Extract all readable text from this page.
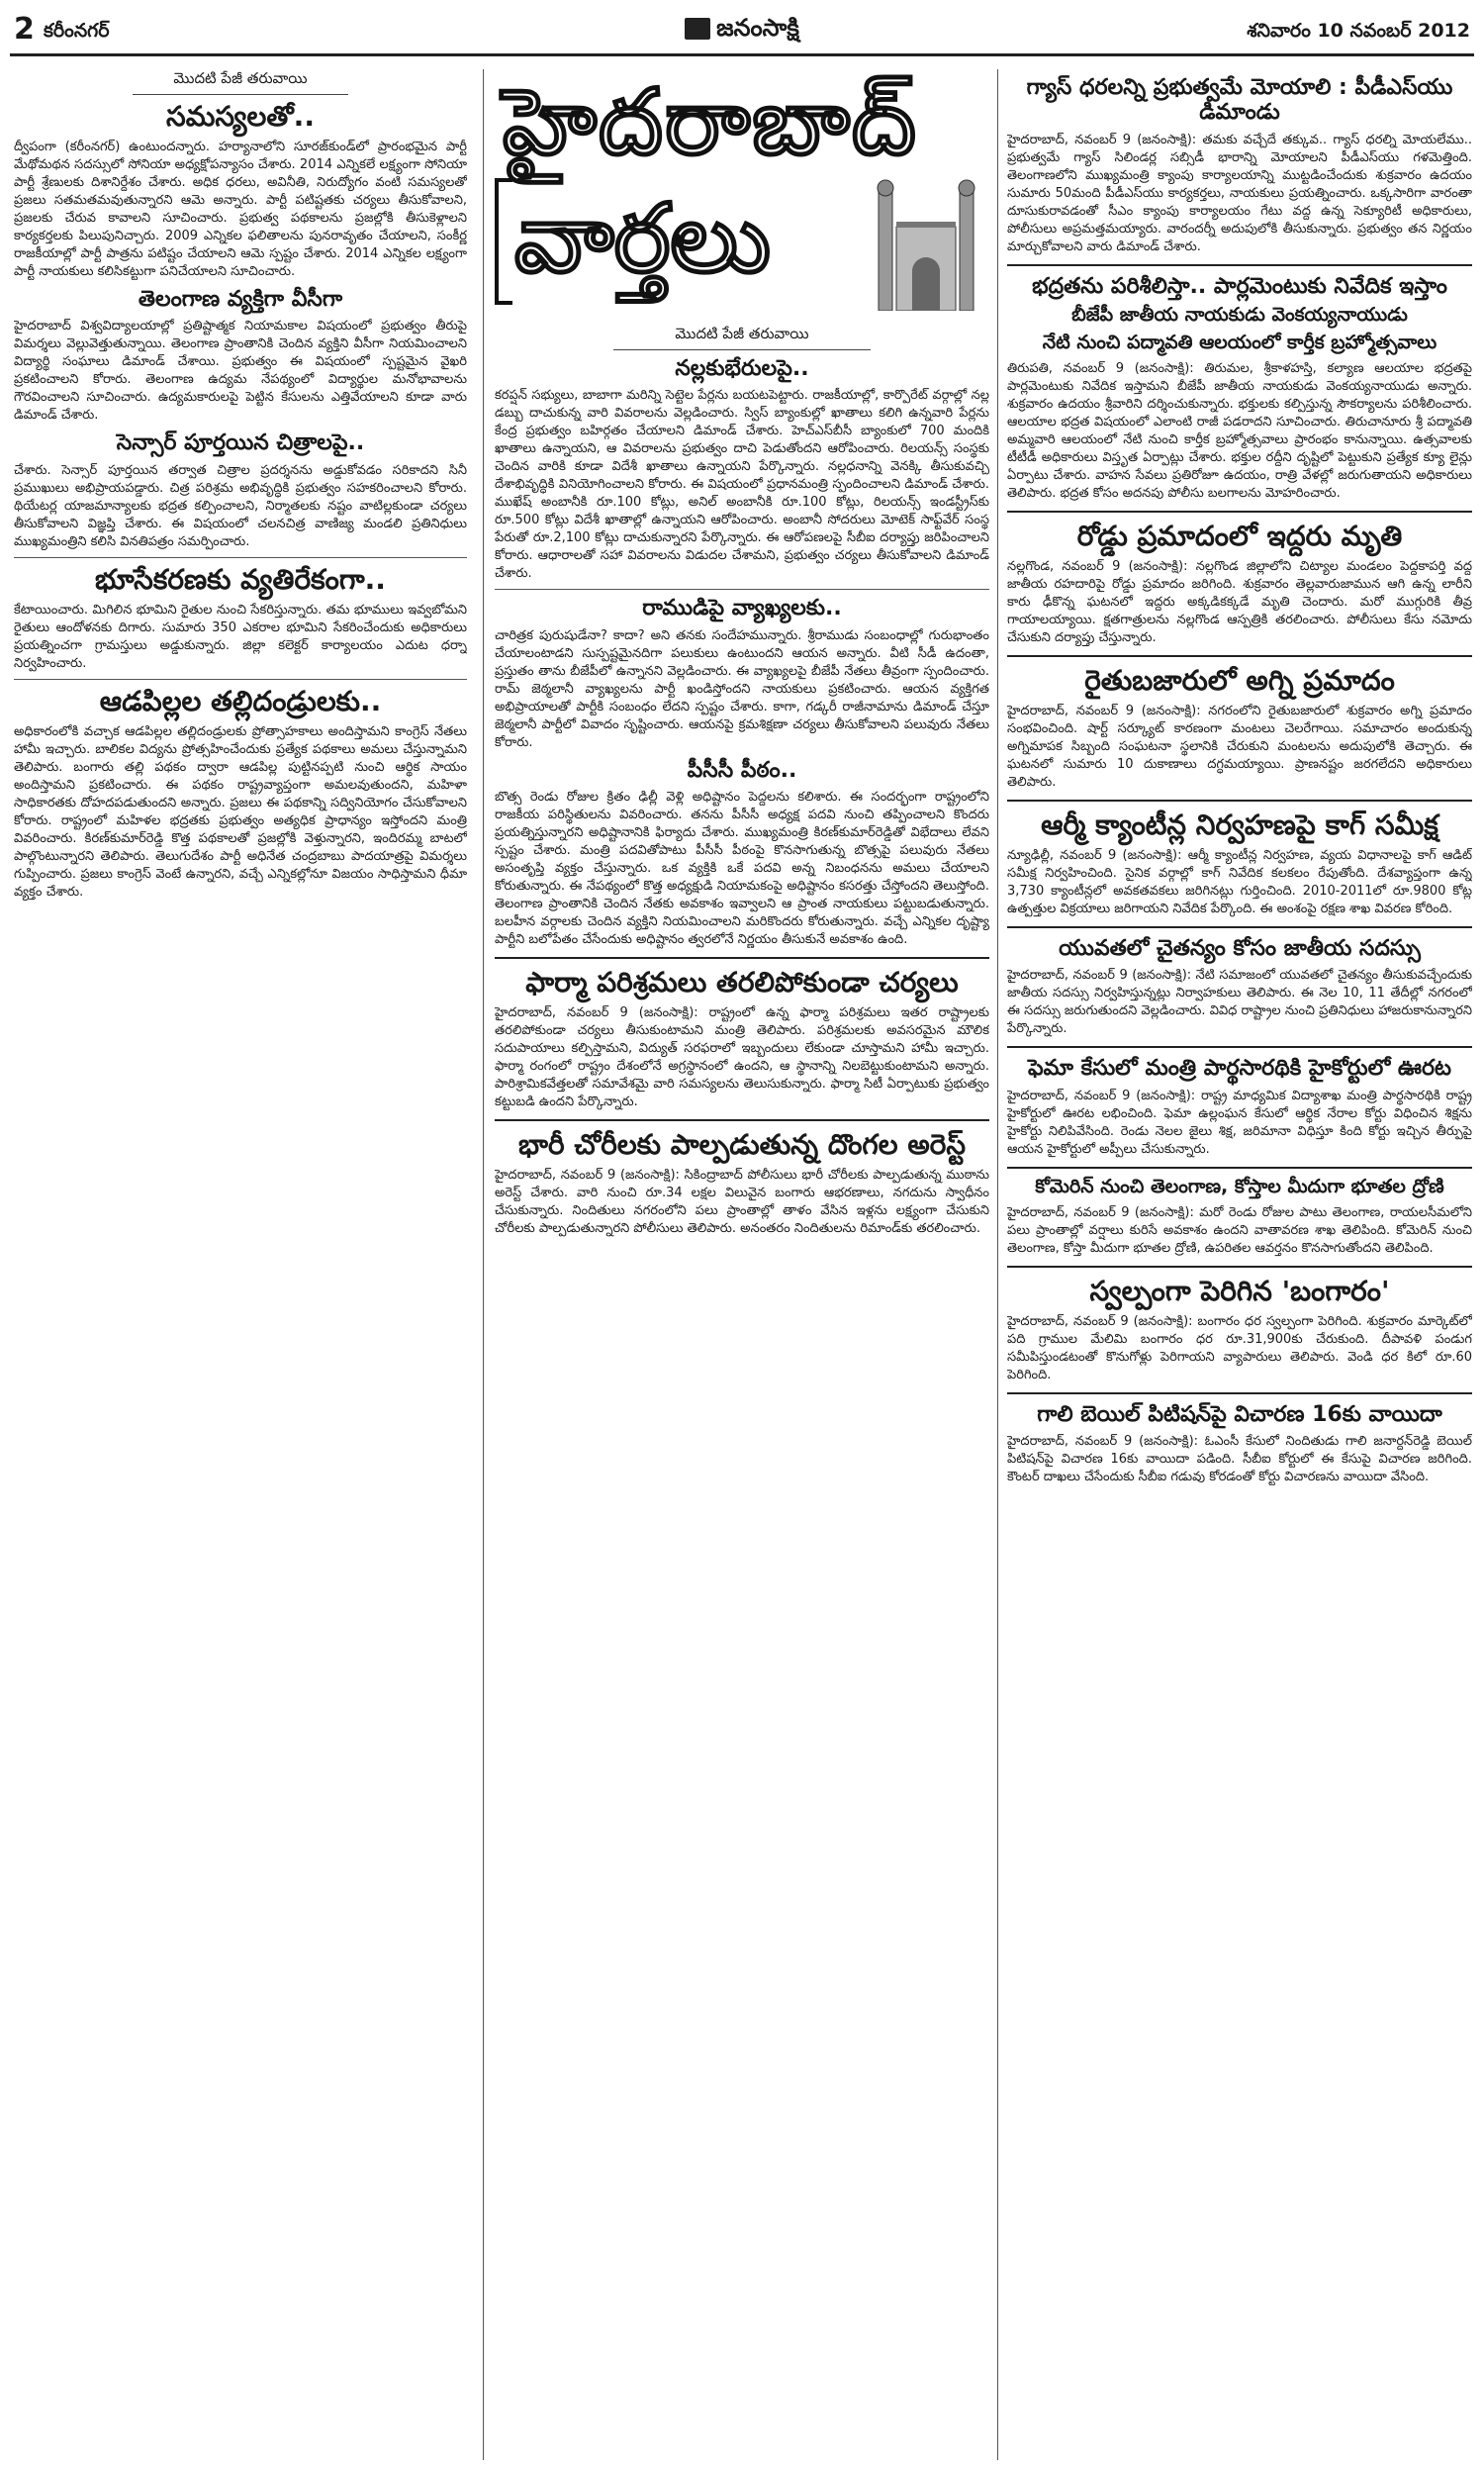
2 కరీంనగర్	జనంసాక్షి	శనివారం 10 నవంబర్ 2012
మొదటి పేజీ తరువాయి
సమస్యలతో..
ద్వీపంగా (కరీంనగర్) ఉంటుందన్నారు. హర్యానాలోని సూరజ్‌కుండ్‌లో ప్రారంభమైన పార్టీ మేథోమథన సదస్సులో సోనియా అధ్యక్షోపన్యాసం చేశారు. 2014 ఎన్నికలే లక్ష్యంగా సోనియా పార్టీ శ్రేణులకు దిశానిర్దేశం చేశారు. అధిక ధరలు, అవినీతి, నిరుద్యోగం వంటి సమస్యలతో ప్రజలు సతమతమవుతున్నారని ఆమె అన్నారు. పార్టీ పటిష్టతకు చర్యలు తీసుకోవాలని, ప్రజలకు చేరువ కావాలని సూచించారు. ప్రభుత్వ పథకాలను ప్రజల్లోకి తీసుకెళ్లాలని కార్యకర్తలకు పిలుపునిచ్చారు. 2009 ఎన్నికల ఫలితాలను పునరావృతం చేయాలని, సంకీర్ణ రాజకీయాల్లో పార్టీ పాత్రను పటిష్టం చేయాలని ఆమె స్పష్టం చేశారు. 2014 ఎన్నికల లక్ష్యంగా పార్టీ నాయకులు కలిసికట్టుగా పనిచేయాలని సూచించారు.
తెలంగాణ వ్యక్తిగా వీసీగా
హైదరాబాద్ విశ్వవిద్యాలయాల్లో ప్రతిష్టాత్మక నియామకాల విషయంలో ప్రభుత్వం తీరుపై విమర్శలు వెల్లువెత్తుతున్నాయి. తెలంగాణ ప్రాంతానికి చెందిన వ్యక్తిని వీసీగా నియమించాలని విద్యార్థి సంఘాలు డిమాండ్ చేశాయి. ప్రభుత్వం ఈ విషయంలో స్పష్టమైన వైఖరి ప్రకటించాలని కోరారు. తెలంగాణ ఉద్యమ నేపథ్యంలో విద్యార్థుల మనోభావాలను గౌరవించాలని సూచించారు. ఉద్యమకారులపై పెట్టిన కేసులను ఎత్తివేయాలని కూడా వారు డిమాండ్ చేశారు.
సెన్సార్ పూర్తయిన చిత్రాలపై..
చేశారు. సెన్సార్ పూర్తయిన తర్వాత చిత్రాల ప్రదర్శనను అడ్డుకోవడం సరికాదని సినీ ప్రముఖులు అభిప్రాయపడ్డారు. చిత్ర పరిశ్రమ అభివృద్ధికి ప్రభుత్వం సహకరించాలని కోరారు. థియేటర్ల యాజమాన్యాలకు భద్రత కల్పించాలని, నిర్మాతలకు నష్టం వాటిల్లకుండా చర్యలు తీసుకోవాలని విజ్ఞప్తి చేశారు. ఈ విషయంలో చలనచిత్ర వాణిజ్య మండలి ప్రతినిధులు ముఖ్యమంత్రిని కలిసి వినతిపత్రం సమర్పించారు.
భూసేకరణకు వ్యతిరేకంగా..
కేటాయించారు. మిగిలిన భూమిని రైతుల నుంచి సేకరిస్తున్నారు. తమ భూములు ఇవ్వబోమని రైతులు ఆందోళనకు దిగారు. సుమారు 350 ఎకరాల భూమిని సేకరించేందుకు అధికారులు ప్రయత్నించగా గ్రామస్తులు అడ్డుకున్నారు. జిల్లా కలెక్టర్ కార్యాలయం ఎదుట ధర్నా నిర్వహించారు.
ఆడపిల్లల తల్లిదండ్రులకు..
అధికారంలోకి వచ్చాక ఆడపిల్లల తల్లిదండ్రులకు ప్రోత్సాహకాలు అందిస్తామని కాంగ్రెస్ నేతలు హామీ ఇచ్చారు. బాలికల విద్యను ప్రోత్సహించేందుకు ప్రత్యేక పథకాలు అమలు చేస్తున్నామని తెలిపారు. బంగారు తల్లి పథకం ద్వారా ఆడపిల్ల పుట్టినప్పటి నుంచి ఆర్థిక సాయం అందిస్తామని ప్రకటించారు. ఈ పథకం రాష్ట్రవ్యాప్తంగా అమలవుతుందని, మహిళా సాధికారతకు దోహదపడుతుందని అన్నారు. ప్రజలు ఈ పథకాన్ని సద్వినియోగం చేసుకోవాలని కోరారు. రాష్ట్రంలో మహిళల భద్రతకు ప్రభుత్వం అత్యధిక ప్రాధాన్యం ఇస్తోందని మంత్రి వివరించారు. కిరణ్‌కుమార్‌రెడ్డి కొత్త పథకాలతో ప్రజల్లోకి వెళ్తున్నారని, ఇందిరమ్మ బాటలో పాల్గొంటున్నారని తెలిపారు. తెలుగుదేశం పార్టీ అధినేత చంద్రబాబు పాదయాత్రపై విమర్శలు గుప్పించారు. ప్రజలు కాంగ్రెస్ వెంటే ఉన్నారని, వచ్చే ఎన్నికల్లోనూ విజయం సాధిస్తామని ధీమా వ్యక్తం చేశారు.
హైదరాబాద్
వార్తలు
మొదటి పేజీ తరువాయి
నల్లకుభేరులపై..
కరప్షన్ సభ్యులు, బాబాగా మరిన్ని సెట్టెల పేర్లను బయటపెట్టారు. రాజకీయాల్లో, కార్పొరేట్ వర్గాల్లో నల్ల డబ్బు దాచుకున్న వారి వివరాలను వెల్లడించారు. స్విస్ బ్యాంకుల్లో ఖాతాలు కలిగి ఉన్నవారి పేర్లను కేంద్ర ప్రభుత్వం బహిర్గతం చేయాలని డిమాండ్ చేశారు. హెచ్‌ఎస్‌బీసీ బ్యాంకులో 700 మందికి ఖాతాలు ఉన్నాయని, ఆ వివరాలను ప్రభుత్వం దాచి పెడుతోందని ఆరోపించారు. రిలయన్స్ సంస్థకు చెందిన వారికి కూడా విదేశీ ఖాతాలు ఉన్నాయని పేర్కొన్నారు. నల్లధనాన్ని వెనక్కి తీసుకువచ్చి దేశాభివృద్ధికి వినియోగించాలని కోరారు. ఈ విషయంలో ప్రధానమంత్రి స్పందించాలని డిమాండ్ చేశారు. ముఖేష్ అంబానీకి రూ.100 కోట్లు, అనిల్ అంబానీకి రూ.100 కోట్లు, రిలయన్స్ ఇండస్ట్రీస్‌కు రూ.500 కోట్లు విదేశీ ఖాతాల్లో ఉన్నాయని ఆరోపించారు. అంబానీ సోదరులు మోటెక్ సాఫ్ట్‌వేర్ సంస్థ పేరుతో రూ.2,100 కోట్లు దాచుకున్నారని పేర్కొన్నారు. ఈ ఆరోపణలపై సీబీఐ దర్యాప్తు జరిపించాలని కోరారు. ఆధారాలతో సహా వివరాలను విడుదల చేశామని, ప్రభుత్వం చర్యలు తీసుకోవాలని డిమాండ్ చేశారు.
రాముడిపై వ్యాఖ్యలకు..
చారిత్రక పురుషుడేనా? కాదా? అని తనకు సందేహమున్నారు. శ్రీరాముడు సంబంధాల్లో గురుభాంతం చేయాలంటాడని సుస్పష్టమైనదిగా పలుకులు ఉంటుందని ఆయన అన్నారు. వీటి సీడీ ఉదంతా, ప్రస్తుతం తాను బీజేపీలో ఉన్నానని వెల్లడించారు. ఈ వ్యాఖ్యలపై బీజేపీ నేతలు తీవ్రంగా స్పందించారు. రామ్ జెఠ్మలానీ వ్యాఖ్యలను పార్టీ ఖండిస్తోందని నాయకులు ప్రకటించారు. ఆయన వ్యక్తిగత అభిప్రాయాలతో పార్టీకి సంబంధం లేదని స్పష్టం చేశారు. కాగా, గడ్కరీ రాజీనామాను డిమాండ్ చేస్తూ జెఠ్మలానీ పార్టీలో వివాదం సృష్టించారు. ఆయనపై క్రమశిక్షణా చర్యలు తీసుకోవాలని పలువురు నేతలు కోరారు.
పీసీసీ పీఠం..
బొత్స రెండు రోజుల క్రితం ఢిల్లీ వెళ్లి అధిష్టానం పెద్దలను కలిశారు. ఈ సందర్భంగా రాష్ట్రంలోని రాజకీయ పరిస్థితులను వివరించారు. తనను పీసీసీ అధ్యక్ష పదవి నుంచి తప్పించాలని కొందరు ప్రయత్నిస్తున్నారని అధిష్టానానికి ఫిర్యాదు చేశారు. ముఖ్యమంత్రి కిరణ్‌కుమార్‌రెడ్డితో విభేదాలు లేవని స్పష్టం చేశారు. మంత్రి పదవితోపాటు పీసీసీ పీఠంపై కొనసాగుతున్న బొత్సపై పలువురు నేతలు అసంతృప్తి వ్యక్తం చేస్తున్నారు. ఒక వ్యక్తికి ఒకే పదవి అన్న నిబంధనను అమలు చేయాలని కోరుతున్నారు. ఈ నేపథ్యంలో కొత్త అధ్యక్షుడి నియామకంపై అధిష్టానం కసరత్తు చేస్తోందని తెలుస్తోంది. తెలంగాణ ప్రాంతానికి చెందిన నేతకు అవకాశం ఇవ్వాలని ఆ ప్రాంత నాయకులు పట్టుబడుతున్నారు. బలహీన వర్గాలకు చెందిన వ్యక్తిని నియమించాలని మరికొందరు కోరుతున్నారు. వచ్చే ఎన్నికల దృష్ట్యా పార్టీని బలోపేతం చేసేందుకు అధిష్టానం త్వరలోనే నిర్ణయం తీసుకునే అవకాశం ఉంది.
ఫార్మా పరిశ్రమలు తరలిపోకుండా చర్యలు
హైదరాబాద్, నవంబర్ 9 (జనంసాక్షి): రాష్ట్రంలో ఉన్న ఫార్మా పరిశ్రమలు ఇతర రాష్ట్రాలకు తరలిపోకుండా చర్యలు తీసుకుంటామని మంత్రి తెలిపారు. పరిశ్రమలకు అవసరమైన మౌలిక సదుపాయాలు కల్పిస్తామని, విద్యుత్ సరఫరాలో ఇబ్బందులు లేకుండా చూస్తామని హామీ ఇచ్చారు. ఫార్మా రంగంలో రాష్ట్రం దేశంలోనే అగ్రస్థానంలో ఉందని, ఆ స్థానాన్ని నిలబెట్టుకుంటామని అన్నారు. పారిశ్రామికవేత్తలతో సమావేశమై వారి సమస్యలను తెలుసుకున్నారు. ఫార్మా సిటీ ఏర్పాటుకు ప్రభుత్వం కట్టుబడి ఉందని పేర్కొన్నారు.
భారీ చోరీలకు పాల్పడుతున్న దొంగల అరెస్ట్
హైదరాబాద్, నవంబర్ 9 (జనంసాక్షి): సికింద్రాబాద్ పోలీసులు భారీ చోరీలకు పాల్పడుతున్న ముఠాను అరెస్ట్ చేశారు. వారి నుంచి రూ.34 లక్షల విలువైన బంగారు ఆభరణాలు, నగదును స్వాధీనం చేసుకున్నారు. నిందితులు నగరంలోని పలు ప్రాంతాల్లో తాళం వేసిన ఇళ్లను లక్ష్యంగా చేసుకుని చోరీలకు పాల్పడుతున్నారని పోలీసులు తెలిపారు. అనంతరం నిందితులను రిమాండ్‌కు తరలించారు.
గ్యాస్ ధరలన్ని ప్రభుత్వమే మోయాలి : పీడీఎస్‌యు డిమాండు
హైదరాబాద్, నవంబర్ 9 (జనంసాక్షి): తమకు వచ్చేదే తక్కువ.. గ్యాస్ ధరల్ని మోయలేము.. ప్రభుత్వమే గ్యాస్ సిలిండర్ల సబ్సిడీ భారాన్ని మోయాలని పీడీఎస్‌యు గళమెత్తింది. తెలంగాణలోని ముఖ్యమంత్రి క్యాంపు కార్యాలయాన్ని ముట్టడించేందుకు శుక్రవారం ఉదయం సుమారు 50మంది పీడీఎస్‌యు కార్యకర్తలు, నాయకులు ప్రయత్నించారు. ఒక్కసారిగా వారంతా దూసుకురావడంతో సీఎం క్యాంపు కార్యాలయం గేటు వద్ద ఉన్న సెక్యూరిటీ అధికారులు, పోలీసులు అప్రమత్తమయ్యారు. వారందర్నీ అదుపులోకి తీసుకున్నారు. ప్రభుత్వం తన నిర్ణయం మార్చుకోవాలని వారు డిమాండ్ చేశారు.
భద్రతను పరిశీలిస్తా.. పార్లమెంటుకు నివేదిక ఇస్తాం
బీజేపీ జాతీయ నాయకుడు వెంకయ్యనాయుడు
నేటి నుంచి పద్మావతి ఆలయంలో కార్తీక బ్రహ్మోత్సవాలు
తిరుపతి, నవంబర్ 9 (జనంసాక్షి): తిరుమల, శ్రీకాళహస్తి, కల్యాణ ఆలయాల భద్రతపై పార్లమెంటుకు నివేదిక ఇస్తామని బీజేపీ జాతీయ నాయకుడు వెంకయ్యనాయుడు అన్నారు. శుక్రవారం ఉదయం శ్రీవారిని దర్శించుకున్నారు. భక్తులకు కల్పిస్తున్న సౌకర్యాలను పరిశీలించారు. ఆలయాల భద్రత విషయంలో ఎలాంటి రాజీ పడరాదని సూచించారు. తిరుచానూరు శ్రీ పద్మావతి అమ్మవారి ఆలయంలో నేటి నుంచి కార్తీక బ్రహ్మోత్సవాలు ప్రారంభం కానున్నాయి. ఉత్సవాలకు టీటీడీ అధికారులు విస్తృత ఏర్పాట్లు చేశారు. భక్తుల రద్దీని దృష్టిలో పెట్టుకుని ప్రత్యేక క్యూ లైన్లు ఏర్పాటు చేశారు. వాహన సేవలు ప్రతిరోజూ ఉదయం, రాత్రి వేళల్లో జరుగుతాయని అధికారులు తెలిపారు. భద్రత కోసం అదనపు పోలీసు బలగాలను మోహరించారు.
రోడ్డు ప్రమాదంలో ఇద్దరు మృతి
నల్లగొండ, నవంబర్ 9 (జనంసాక్షి): నల్లగొండ జిల్లాలోని చిట్యాల మండలం పెద్దకాపర్తి వద్ద జాతీయ రహదారిపై రోడ్డు ప్రమాదం జరిగింది. శుక్రవారం తెల్లవారుజామున ఆగి ఉన్న లారీని కారు ఢీకొన్న ఘటనలో ఇద్దరు అక్కడికక్కడే మృతి చెందారు. మరో ముగ్గురికి తీవ్ర గాయాలయ్యాయి. క్షతగాత్రులను నల్లగొండ ఆస్పత్రికి తరలించారు. పోలీసులు కేసు నమోదు చేసుకుని దర్యాప్తు చేస్తున్నారు.
రైతుబజారులో అగ్ని ప్రమాదం
హైదరాబాద్, నవంబర్ 9 (జనంసాక్షి): నగరంలోని రైతుబజారులో శుక్రవారం అగ్ని ప్రమాదం సంభవించింది. షార్ట్ సర్క్యూట్ కారణంగా మంటలు చెలరేగాయి. సమాచారం అందుకున్న అగ్నిమాపక సిబ్బంది సంఘటనా స్థలానికి చేరుకుని మంటలను అదుపులోకి తెచ్చారు. ఈ ఘటనలో సుమారు 10 దుకాణాలు దగ్ధమయ్యాయి. ప్రాణనష్టం జరగలేదని అధికారులు తెలిపారు.
ఆర్మీ క్యాంటీన్ల నిర్వహణపై కాగ్ సమీక్ష
న్యూఢిల్లీ, నవంబర్ 9 (జనంసాక్షి): ఆర్మీ క్యాంటీన్ల నిర్వహణ, వ్యయ విధానాలపై కాగ్ ఆడిట్ సమీక్ష నిర్వహించింది. సైనిక వర్గాల్లో కాగ్ నివేదిక కలకలం రేపుతోంది. దేశవ్యాప్తంగా ఉన్న 3,730 క్యాంటీన్లలో అవకతవకలు జరిగినట్లు గుర్తించింది. 2010-2011లో రూ.9800 కోట్ల ఉత్పత్తుల విక్రయాలు జరిగాయని నివేదిక పేర్కొంది. ఈ అంశంపై రక్షణ శాఖ వివరణ కోరింది.
యువతలో చైతన్యం కోసం జాతీయ సదస్సు
హైదరాబాద్, నవంబర్ 9 (జనంసాక్షి): నేటి సమాజంలో యువతలో చైతన్యం తీసుకువచ్చేందుకు జాతీయ సదస్సు నిర్వహిస్తున్నట్లు నిర్వాహకులు తెలిపారు. ఈ నెల 10, 11 తేదీల్లో నగరంలో ఈ సదస్సు జరుగుతుందని వెల్లడించారు. వివిధ రాష్ట్రాల నుంచి ప్రతినిధులు హాజరుకానున్నారని పేర్కొన్నారు.
ఫెమా కేసులో మంత్రి పార్థసారథికి హైకోర్టులో ఊరట
హైదరాబాద్, నవంబర్ 9 (జనంసాక్షి): రాష్ట్ర మాధ్యమిక విద్యాశాఖ మంత్రి పార్థసారథికి రాష్ట్ర హైకోర్టులో ఊరట లభించింది. ఫెమా ఉల్లంఘన కేసులో ఆర్థిక నేరాల కోర్టు విధించిన శిక్షను హైకోర్టు నిలిపివేసింది. రెండు నెలల జైలు శిక్ష, జరిమానా విధిస్తూ కింది కోర్టు ఇచ్చిన తీర్పుపై ఆయన హైకోర్టులో అప్పీలు చేసుకున్నారు.
కోమెరిన్ నుంచి తెలంగాణ, కోస్తాల మీదుగా భూతల ద్రోణి
హైదరాబాద్, నవంబర్ 9 (జనంసాక్షి): మరో రెండు రోజుల పాటు తెలంగాణ, రాయలసీమలోని పలు ప్రాంతాల్లో వర్షాలు కురిసే అవకాశం ఉందని వాతావరణ శాఖ తెలిపింది. కోమెరిన్ నుంచి తెలంగాణ, కోస్తా మీదుగా భూతల ద్రోణి, ఉపరితల ఆవర్తనం కొనసాగుతోందని తెలిపింది.
స్వల్పంగా పెరిగిన 'బంగారం'
హైదరాబాద్, నవంబర్ 9 (జనంసాక్షి): బంగారం ధర స్వల్పంగా పెరిగింది. శుక్రవారం మార్కెట్‌లో పది గ్రాముల మేలిమి బంగారం ధర రూ.31,900కు చేరుకుంది. దీపావళి పండుగ సమీపిస్తుండటంతో కొనుగోళ్లు పెరిగాయని వ్యాపారులు తెలిపారు. వెండి ధర కిలో రూ.60 పెరిగింది.
గాలి బెయిల్ పిటిషన్‌పై విచారణ 16కు వాయిదా
హైదరాబాద్, నవంబర్ 9 (జనంసాక్షి): ఓఎంసీ కేసులో నిందితుడు గాలి జనార్దన్‌రెడ్డి బెయిల్ పిటిషన్‌పై విచారణ 16కు వాయిదా పడింది. సీబీఐ కోర్టులో ఈ కేసుపై విచారణ జరిగింది. కౌంటర్ దాఖలు చేసేందుకు సీబీఐ గడువు కోరడంతో కోర్టు విచారణను వాయిదా వేసింది.
